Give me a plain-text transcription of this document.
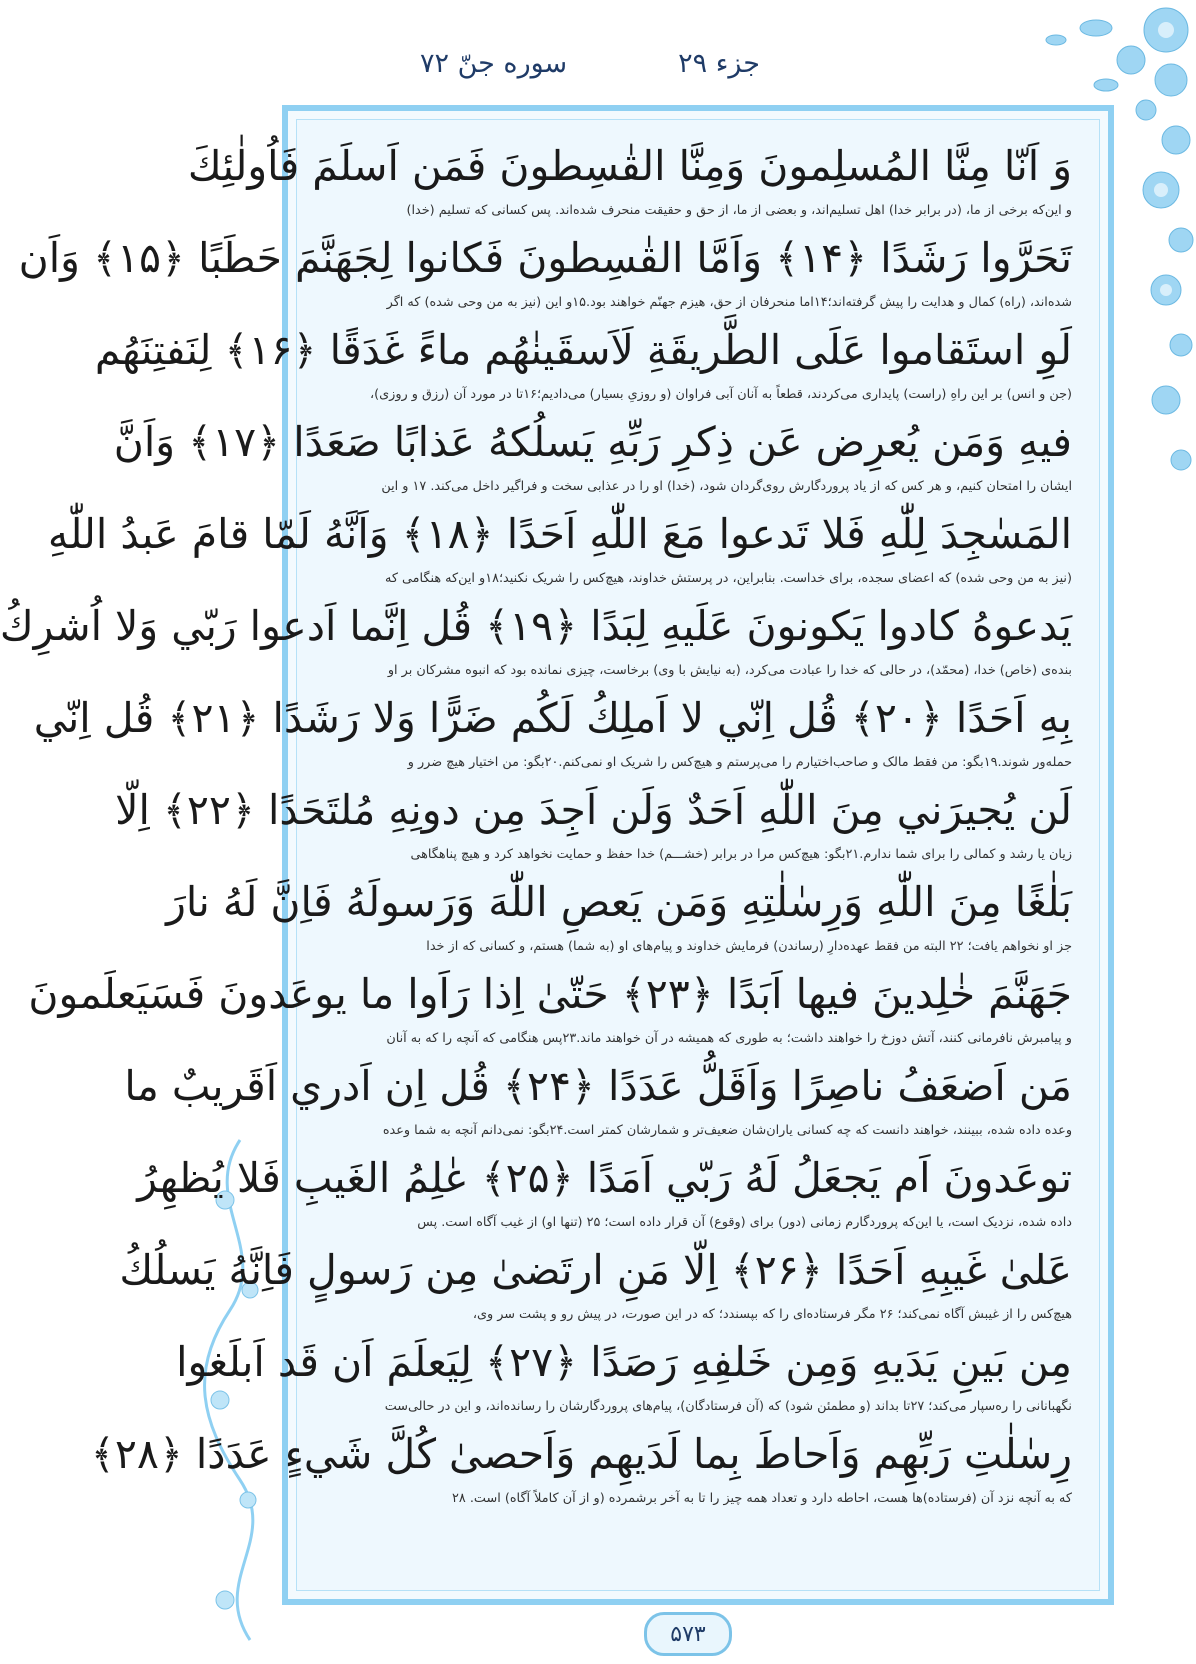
سوره جنّ ۷۲	جزء ۲۹
وَ اَنّا مِنَّا المُسلِمونَ وَمِنَّا القٰسِطونَ فَمَن اَسلَمَ فَاُولٰئِكَ
و این‌که برخی از ما، (در برابر خدا) اهل تسلیم‌اند، و بعضی از ما، از حق و حقیقت منحرف شده‌اند. پس کسانی که تسلیم (خدا)
تَحَرَّوا رَشَدًا ﴿۱۴﴾ وَاَمَّا القٰسِطونَ فَكانوا لِجَهَنَّمَ حَطَبًا ﴿۱۵﴾ وَاَن
شده‌اند، (راه) کمال و هدایت را پیش گرفته‌اند؛۱۴اما منحرفان از حق، هیزم جهنّم خواهند بود.۱۵و این (نیز به من وحی شده) که اگر
لَوِ استَقاموا عَلَى الطَّريقَةِ لَاَسقَينٰهُم ماءً غَدَقًا ﴿۱۶﴾ لِنَفتِنَهُم
(جن و انس) بر این راهِ (راست) پایداری می‌کردند، قطعاً به آنان آبی فراوان (و روزیِ بسیار) می‌دادیم؛۱۶تا در مورد آن (رزق و روزی)،
فيهِ وَمَن يُعرِض عَن ذِكرِ رَبِّهِ يَسلُكهُ عَذابًا صَعَدًا ﴿۱۷﴾ وَاَنَّ
ایشان را امتحان کنیم، و هر کس که از یاد پروردگارش روی‌گردان شود، (خدا) او را در عذابی سخت و فراگیر داخل می‌کند. ۱۷ و این
المَسٰجِدَ لِلّٰهِ فَلا تَدعوا مَعَ اللّٰهِ اَحَدًا ﴿۱۸﴾ وَاَنَّهُ لَمّا قامَ عَبدُ اللّٰهِ
(نیز به من وحی شده) که اعضای سجده، برای خداست. بنابراین، در پرستش خداوند، هیچ‌کس را شریک نکنید؛۱۸و این‌که هنگامی که
يَدعوهُ كادوا يَكونونَ عَلَيهِ لِبَدًا ﴿۱۹﴾ قُل اِنَّما اَدعوا رَبّي وَلا اُشرِكُ
بنده‌ی (خاص) خدا، (محمّد)، در حالی که خدا را عبادت می‌کرد، (به نیایش با وی) برخاست، چیزی نمانده بود که انبوه مشرکان بر او
بِهِ اَحَدًا ﴿۲۰﴾ قُل اِنّي لا اَملِكُ لَكُم ضَرًّا وَلا رَشَدًا ﴿۲۱﴾ قُل اِنّي
حمله‌ور شوند.۱۹بگو: من فقط مالک و صاحب‌اختیارم را می‌پرستم و هیچ‌کس را شریک او نمی‌کنم.۲۰بگو: من اختیار هیچ ضرر و
لَن يُجيرَني مِنَ اللّٰهِ اَحَدٌ وَلَن اَجِدَ مِن دونِهِ مُلتَحَدًا ﴿۲۲﴾ اِلّا
زیان یا رشد و کمالی را برای شما ندارم.۲۱بگو: هیچ‌کس مرا در برابر (خشـــم) خدا حفظ و حمایت نخواهد کرد و هیچ پناهگاهی
بَلٰغًا مِنَ اللّٰهِ وَرِسٰلٰتِهِ وَمَن يَعصِ اللّٰهَ وَرَسولَهُ فَاِنَّ لَهُ نارَ
جز او نخواهم یافت؛ ۲۲ البته من فقط عهده‌دارِ (رساندن) فرمایش خداوند و پیام‌های او (به شما) هستم، و کسانی که از خدا
جَهَنَّمَ خٰلِدينَ فيها اَبَدًا ﴿۲۳﴾ حَتّىٰ اِذا رَاَوا ما يوعَدونَ فَسَيَعلَمونَ
و پیامبرش نافرمانی کنند، آتش دوزخ را خواهند داشت؛ به طوری که همیشه در آن خواهند ماند.۲۳پس هنگامی که آنچه را که به آنان
مَن اَضعَفُ ناصِرًا وَاَقَلُّ عَدَدًا ﴿۲۴﴾ قُل اِن اَدري اَقَريبٌ ما
وعده داده شده، ببینند، خواهند دانست که چه کسانی یاران‌شان ضعیف‌تر و شمارشان کمتر است.۲۴بگو: نمی‌دانم آنچه به شما وعده
توعَدونَ اَم يَجعَلُ لَهُ رَبّي اَمَدًا ﴿۲۵﴾ عٰلِمُ الغَيبِ فَلا يُظهِرُ
داده شده، نزدیک است، یا این‌که پروردگارم زمانی (دور) برای (وقوع) آن قرار داده است؛ ۲۵ (تنها او) از غیب آگاه است. پس
عَلىٰ غَيبِهِ اَحَدًا ﴿۲۶﴾ اِلّا مَنِ ارتَضىٰ مِن رَسولٍ فَاِنَّهُ يَسلُكُ
هیچ‌کس را از غیبش آگاه نمی‌کند؛ ۲۶ مگر فرستاده‌ای را که بپسندد؛ که در این صورت، در پیش رو و پشت سر وی،
مِن بَينِ يَدَيهِ وَمِن خَلفِهِ رَصَدًا ﴿۲۷﴾ لِيَعلَمَ اَن قَد اَبلَغوا
نگهبانانی را ره‌سپار می‌کند؛ ۲۷تا بداند (و مطمئن شود) که (آن فرستادگان)، پیام‌های پروردگارشان را رسانده‌اند، و این در حالی‌ست
رِسٰلٰتِ رَبِّهِم وَاَحاطَ بِما لَدَيهِم وَاَحصىٰ كُلَّ شَيءٍ عَدَدًا ﴿۲۸﴾
که به آنچه نزد آن (فرستاده)‌ها هست، احاطه دارد و تعداد همه چیز را تا به آخر برشمرده (و از آن کاملاً آگاه) است. ۲۸
۵۷۳
